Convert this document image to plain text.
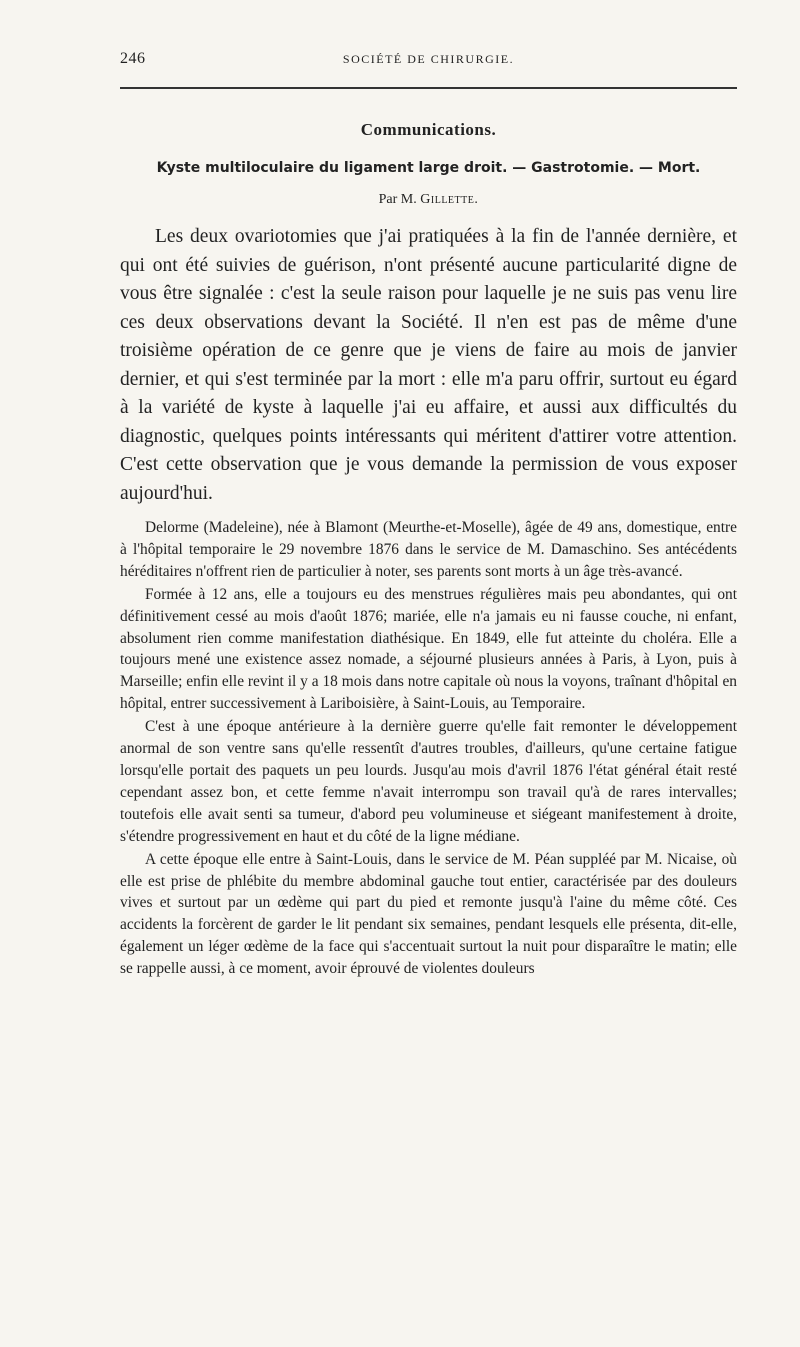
246	SOCIÉTÉ DE CHIRURGIE.
Communications.
Kyste multiloculaire du ligament large droit. — Gastrotomie. — Mort.
Par M. Gillette.

Les deux ovariotomies que j'ai pratiquées à la fin de l'année dernière, et qui ont été suivies de guérison, n'ont présenté aucune particularité digne de vous être signalée : c'est la seule raison pour laquelle je ne suis pas venu lire ces deux observations devant la Société. Il n'en est pas de même d'une troisième opération de ce genre que je viens de faire au mois de janvier dernier, et qui s'est terminée par la mort : elle m'a paru offrir, surtout eu égard à la variété de kyste à laquelle j'ai eu affaire, et aussi aux difficultés du diagnostic, quelques points intéressants qui méritent d'attirer votre attention. C'est cette observation que je vous demande la permission de vous exposer aujourd'hui.

Delorme (Madeleine), née à Blamont (Meurthe-et-Moselle), âgée de 49 ans, domestique, entre à l'hôpital temporaire le 29 novembre 1876 dans le service de M. Damaschino. Ses antécédents héréditaires n'offrent rien de particulier à noter, ses parents sont morts à un âge très-avancé.

Formée à 12 ans, elle a toujours eu des menstrues régulières mais peu abondantes, qui ont définitivement cessé au mois d'août 1876; mariée, elle n'a jamais eu ni fausse couche, ni enfant, absolument rien comme manifestation diathésique. En 1849, elle fut atteinte du choléra. Elle a toujours mené une existence assez nomade, a séjourné plusieurs années à Paris, à Lyon, puis à Marseille; enfin elle revint il y a 18 mois dans notre capitale où nous la voyons, traînant d'hôpital en hôpital, entrer successivement à Lariboisière, à Saint-Louis, au Temporaire.

C'est à une époque antérieure à la dernière guerre qu'elle fait remonter le développement anormal de son ventre sans qu'elle ressentît d'autres troubles, d'ailleurs, qu'une certaine fatigue lorsqu'elle portait des paquets un peu lourds. Jusqu'au mois d'avril 1876 l'état général était resté cependant assez bon, et cette femme n'avait interrompu son travail qu'à de rares intervalles; toutefois elle avait senti sa tumeur, d'abord peu volumineuse et siégeant manifestement à droite, s'étendre progressivement en haut et du côté de la ligne médiane.

A cette époque elle entre à Saint-Louis, dans le service de M. Péan suppléé par M. Nicaise, où elle est prise de phlébite du membre abdominal gauche tout entier, caractérisée par des douleurs vives et surtout par un œdème qui part du pied et remonte jusqu'à l'aine du même côté. Ces accidents la forcèrent de garder le lit pendant six semaines, pendant lesquels elle présenta, dit-elle, également un léger œdème de la face qui s'accentuait surtout la nuit pour disparaître le matin; elle se rappelle aussi, à ce moment, avoir éprouvé de violentes douleurs
